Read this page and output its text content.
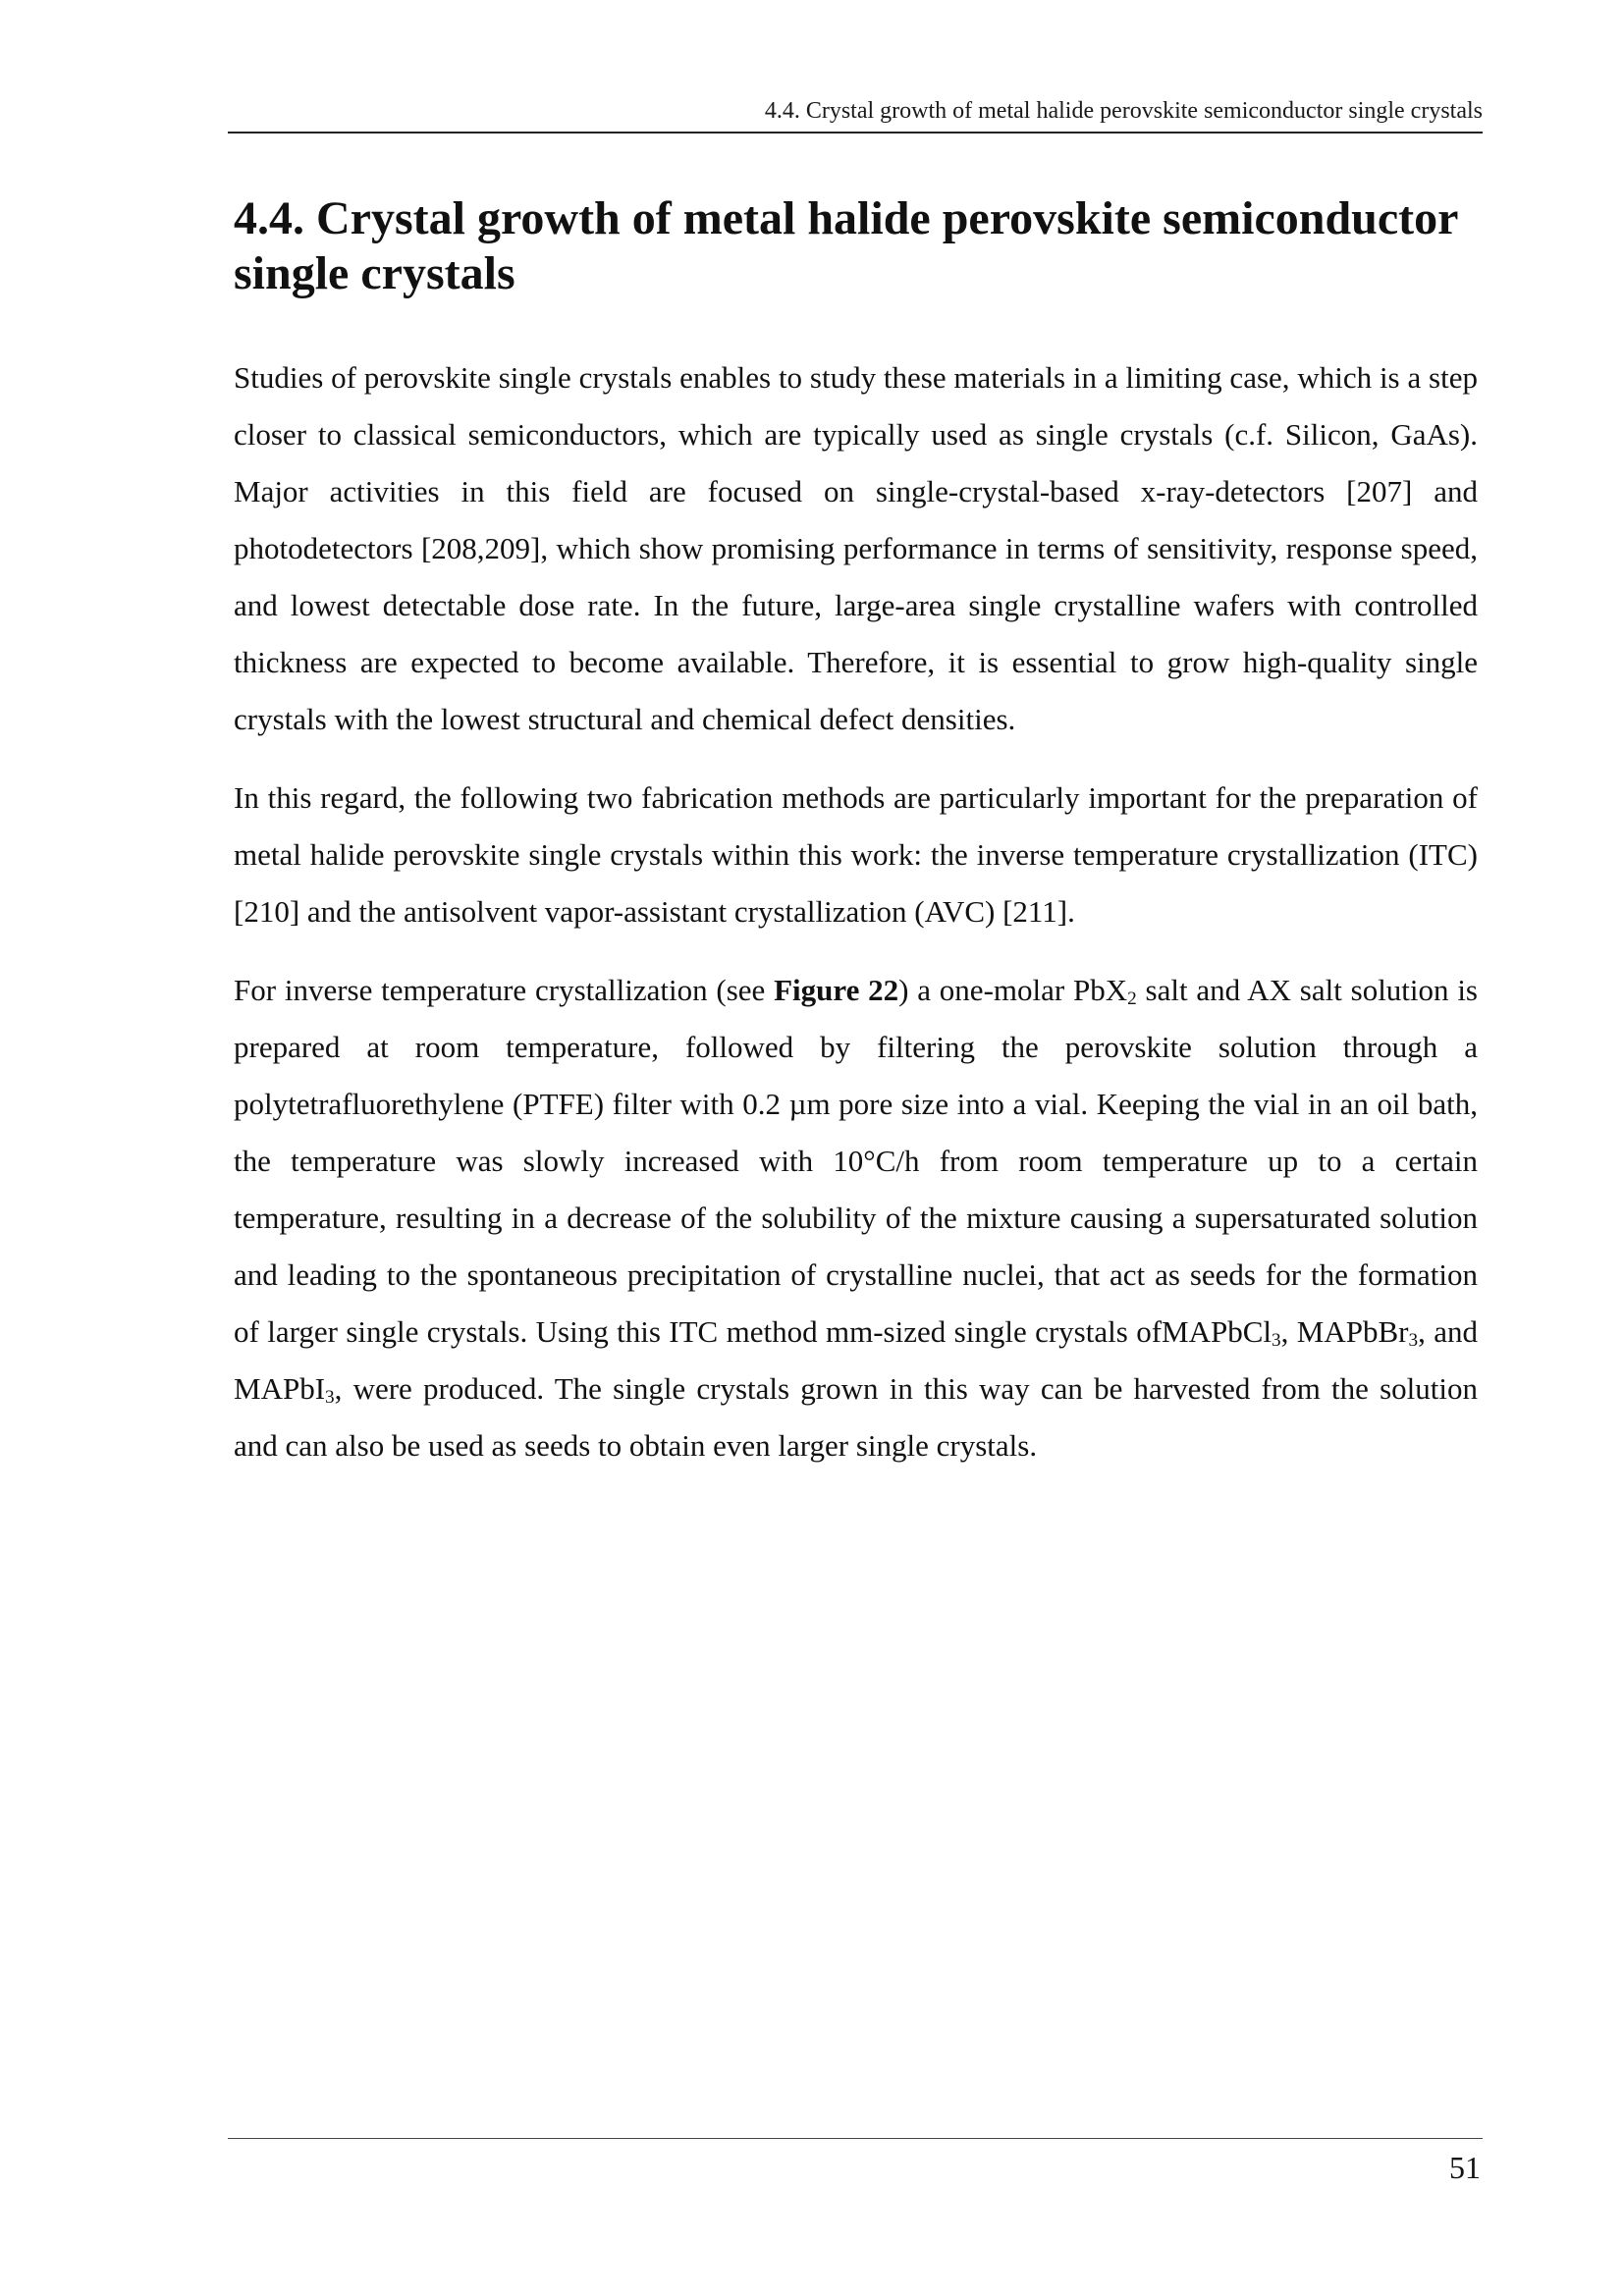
4.4. Crystal growth of metal halide perovskite semiconductor single crystals
4.4. Crystal growth of metal halide perovskite semiconductor single crystals

Studies of perovskite single crystals enables to study these materials in a limiting case, which is a step closer to classical semiconductors, which are typically used as single crystals (c.f. Silicon, GaAs). Major activities in this field are focused on single-crystal-based x-ray-detectors [207] and photodetectors [208,209], which show promising performance in terms of sensitivity, response speed, and lowest detectable dose rate. In the future, large-area single crystalline wafers with controlled thickness are expected to become available. Therefore, it is essential to grow high-quality single crystals with the lowest structural and chemical defect densities.

In this regard, the following two fabrication methods are particularly important for the preparation of metal halide perovskite single crystals within this work: the inverse temperature crystallization (ITC) [210] and the antisolvent vapor-assistant crystallization (AVC) [211].

For inverse temperature crystallization (see Figure 22) a one-molar PbX$_2$ salt and AX salt solution is prepared at room temperature, followed by filtering the perovskite solution through a polytetrafluorethylene (PTFE) filter with 0.2 µm pore size into a vial. Keeping the vial in an oil bath, the temperature was slowly increased with 10°C/h from room temperature up to a certain temperature, resulting in a decrease of the solubility of the mixture causing a supersaturated solution and leading to the spontaneous precipitation of crystalline nuclei, that act as seeds for the formation of larger single crystals. Using this ITC method mm-sized single crystals ofMAPbCl$_3$, MAPbBr$_3$, and MAPbI$_3$, were produced. The single crystals grown in this way can be harvested from the solution and can also be used as seeds to obtain even larger single crystals.

51
